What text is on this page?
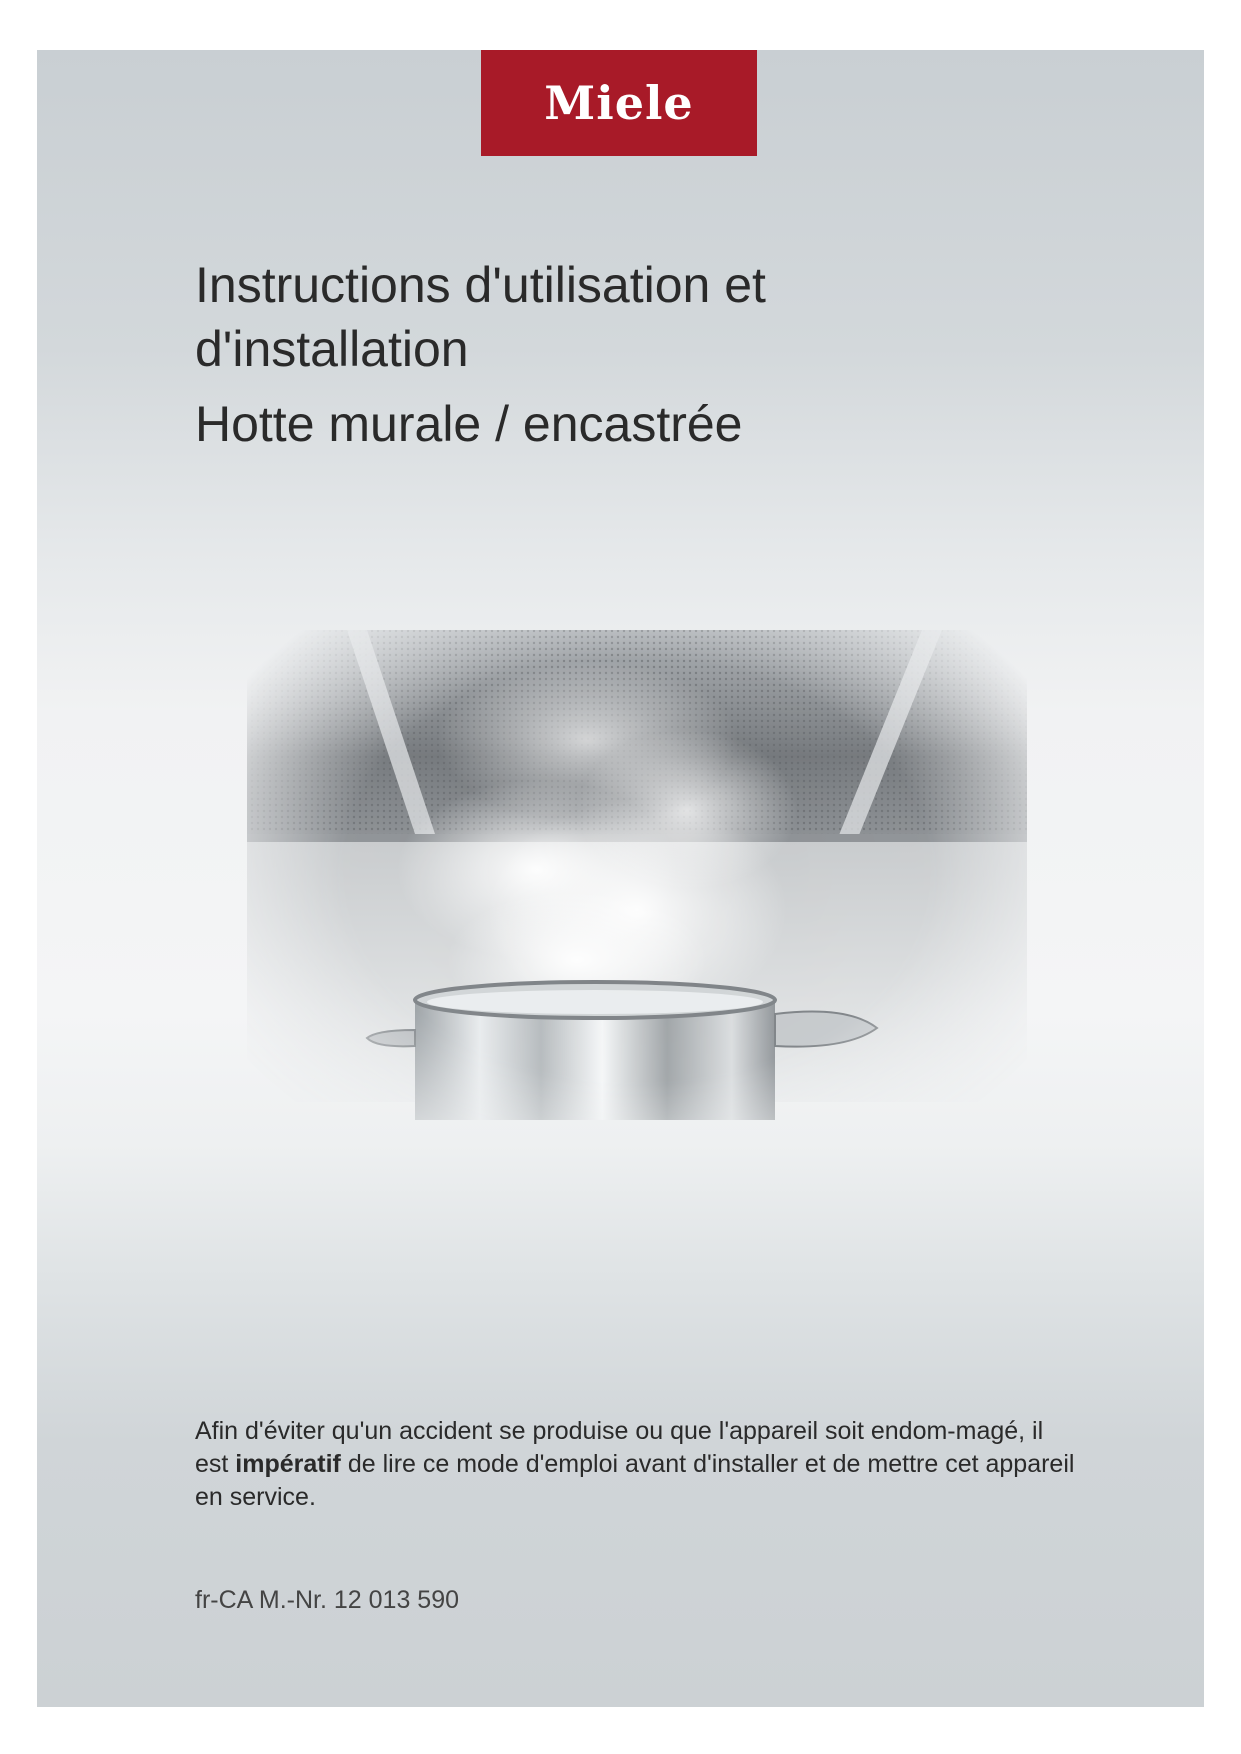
Miele
Instructions d'utilisation et
d'installation
Hotte murale / encastrée

Afin d'éviter qu'un accident se produise ou que l'appareil soit endom-magé, il est impératif de lire ce mode d'emploi avant d'installer et de mettre cet appareil en service.

fr-CA M.-Nr. 12 013 590
